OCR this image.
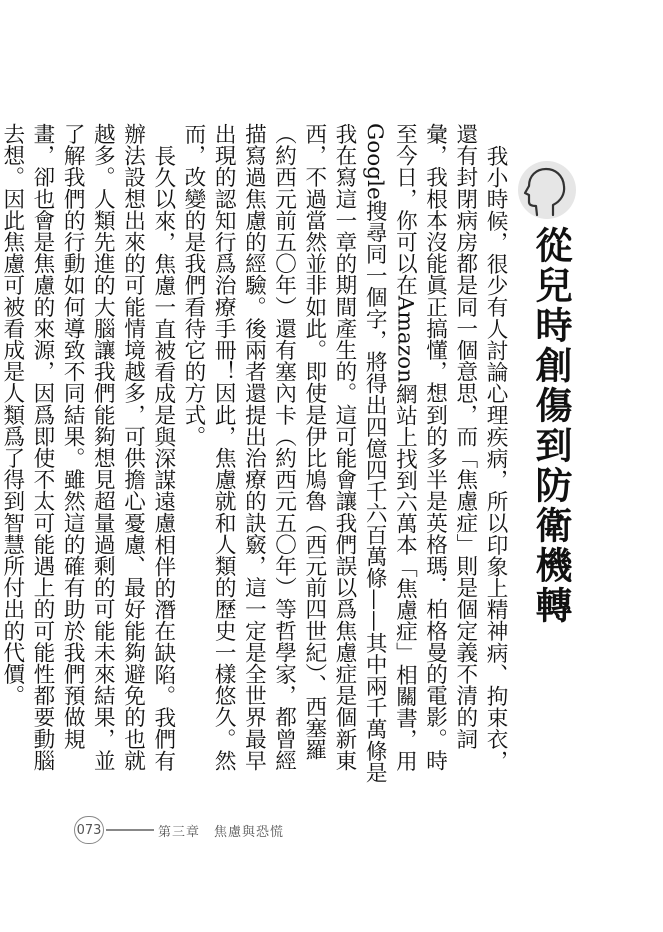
從兒時創傷到防衛機轉

我小時候，很少有人討論心理疾病，所以印象上精神病、拘束衣，還有封閉病房都是同一個意思，而「焦慮症」則是個定義不清的詞彙，我根本沒能眞正搞懂，想到的多半是英格瑪．柏格曼的電影。時至今日，你可以在Amazon網站上找到六萬本「焦慮症」相關書，用Google搜尋同一個字，將得出四億四千六百萬條——其中兩千萬條是我在寫這一章的期間產生的。這可能會讓我們誤以爲焦慮症是個新東西，不過當然並非如此。即使是伊比鳩魯（西元前四世紀）、西塞羅（約西元前五〇年）還有塞內卡（約西元五〇年）等哲學家，都曾經描寫過焦慮的經驗。後兩者還提出治療的訣竅，這一定是全世界最早出現的認知行爲治療手冊！因此，焦慮就和人類的歷史一樣悠久。然而，改變的是我們看待它的方式。

長久以來，焦慮一直被看成是與深謀遠慮相伴的潛在缺陷。我們有辦法設想出來的可能情境越多，可供擔心憂慮、最好能夠避免的也就越多。人類先進的大腦讓我們能夠想見超量過剩的可能未來結果，並了解我們的行動如何導致不同結果。雖然這的確有助於我們預做規畫，卻也會是焦慮的來源，因爲即使不太可能遇上的可能性都要動腦去想。因此焦慮可被看成是人類爲了得到智慧所付出的代價。

073	第三章　焦慮與恐慌
